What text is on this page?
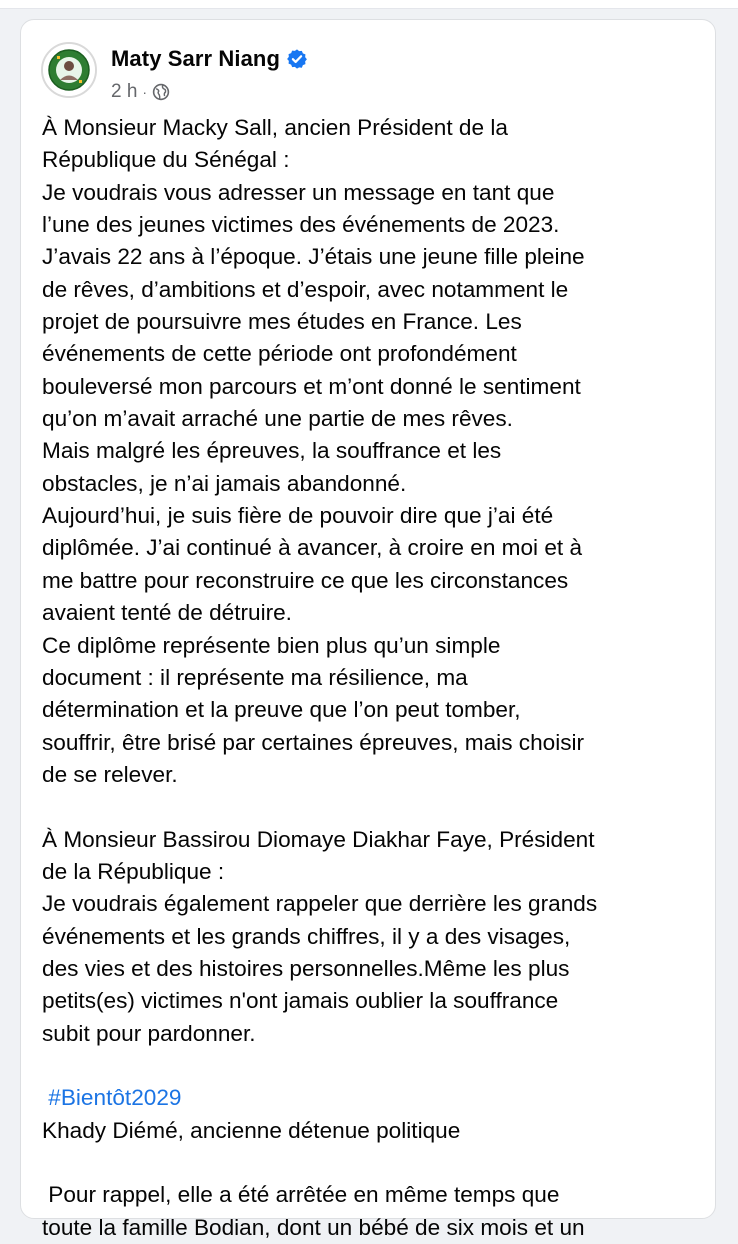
Maty Sarr Niang
2 h ·
À Monsieur Macky Sall, ancien Président de la
République du Sénégal :
Je voudrais vous adresser un message en tant que
l’une des jeunes victimes des événements de 2023.
J’avais 22 ans à l’époque. J’étais une jeune fille pleine
de rêves, d’ambitions et d’espoir, avec notamment le
projet de poursuivre mes études en France. Les
événements de cette période ont profondément
bouleversé mon parcours et m’ont donné le sentiment
qu’on m’avait arraché une partie de mes rêves.
Mais malgré les épreuves, la souffrance et les
obstacles, je n’ai jamais abandonné.
Aujourd’hui, je suis fière de pouvoir dire que j’ai été
diplômée. J’ai continué à avancer, à croire en moi et à
me battre pour reconstruire ce que les circonstances
avaient tenté de détruire.
Ce diplôme représente bien plus qu’un simple
document : il représente ma résilience, ma
détermination et la preuve que l’on peut tomber,
souffrir, être brisé par certaines épreuves, mais choisir
de se relever.
À Monsieur Bassirou Diomaye Diakhar Faye, Président
de la République :
Je voudrais également rappeler que derrière les grands
événements et les grands chiffres, il y a des visages,
des vies et des histoires personnelles.Même les plus
petits(es) victimes n'ont jamais oublier la souffrance
subit pour pardonner.
#Bientôt2029
Khady Diémé, ancienne détenue politique
Pour rappel, elle a été arrêtée en même temps que
toute la famille Bodian, dont un bébé de six mois et un
